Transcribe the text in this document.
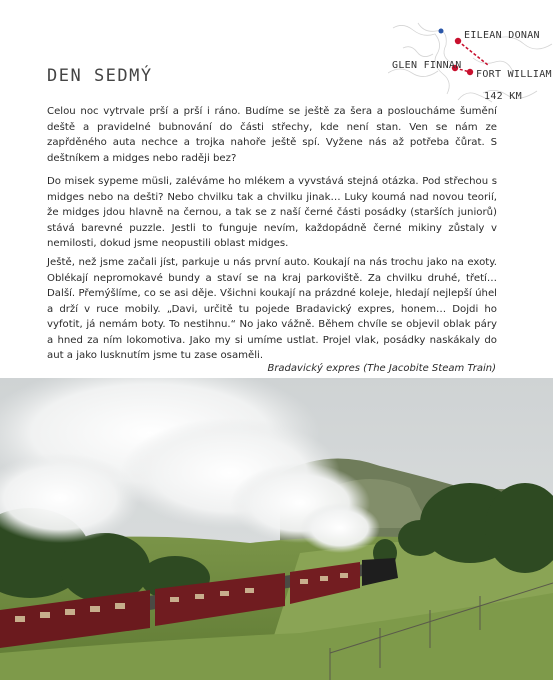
EILEAN DONAN
GLEN FINNAN
FORT WILLIAM
142 KM
DEN SEDMÝ

Celou noc vytrvale prší a prší i ráno. Budíme se ještě za šera a posloucháme šumění deště a pravidelné bubnování do části střechy, kde není stan. Ven se nám ze zapřděného auta nechce a trojka nahoře ještě spí. Vyžene nás až potřeba čůrat. S deštníkem a midges nebo raději bez?

Do misek sypeme müsli, zaléváme ho mlékem a vyvstává stejná otázka. Pod střechou s midges nebo na dešti? Nebo chvilku tak a chvilku jinak… Luky koumá nad novou teorií, že midges jdou hlavně na černou, a tak se z naší černé části posádky (starších juniorů) stává barevné puzzle. Jestli to funguje nevím, každopádně černé mikiny zůstaly v nemilosti, dokud jsme neopustili oblast midges.

Ještě, než jsme začali jíst, parkuje u nás první auto. Koukají na nás trochu jako na exoty. Oblékají nepromokavé bundy a staví se na kraj parkoviště. Za chvilku druhé, třetí… Další. Přemýšlíme, co se asi děje. Všichni koukají na prázdné koleje, hledají nejlepší úhel a drží v ruce mobily. „Davi, určitě tu pojede Bradavický expres, honem… Dojdi ho vyfotit, já nemám boty. To nestihnu.“ No jako vážně. Během chvíle se objevil oblak páry a hned za ním lokomotiva. Jako my si umíme ustlat. Projel vlak, posádky naskákaly do aut a jako lusknutím jsme tu zase osaměli.

Bradavický expres (The Jacobite Steam Train)
